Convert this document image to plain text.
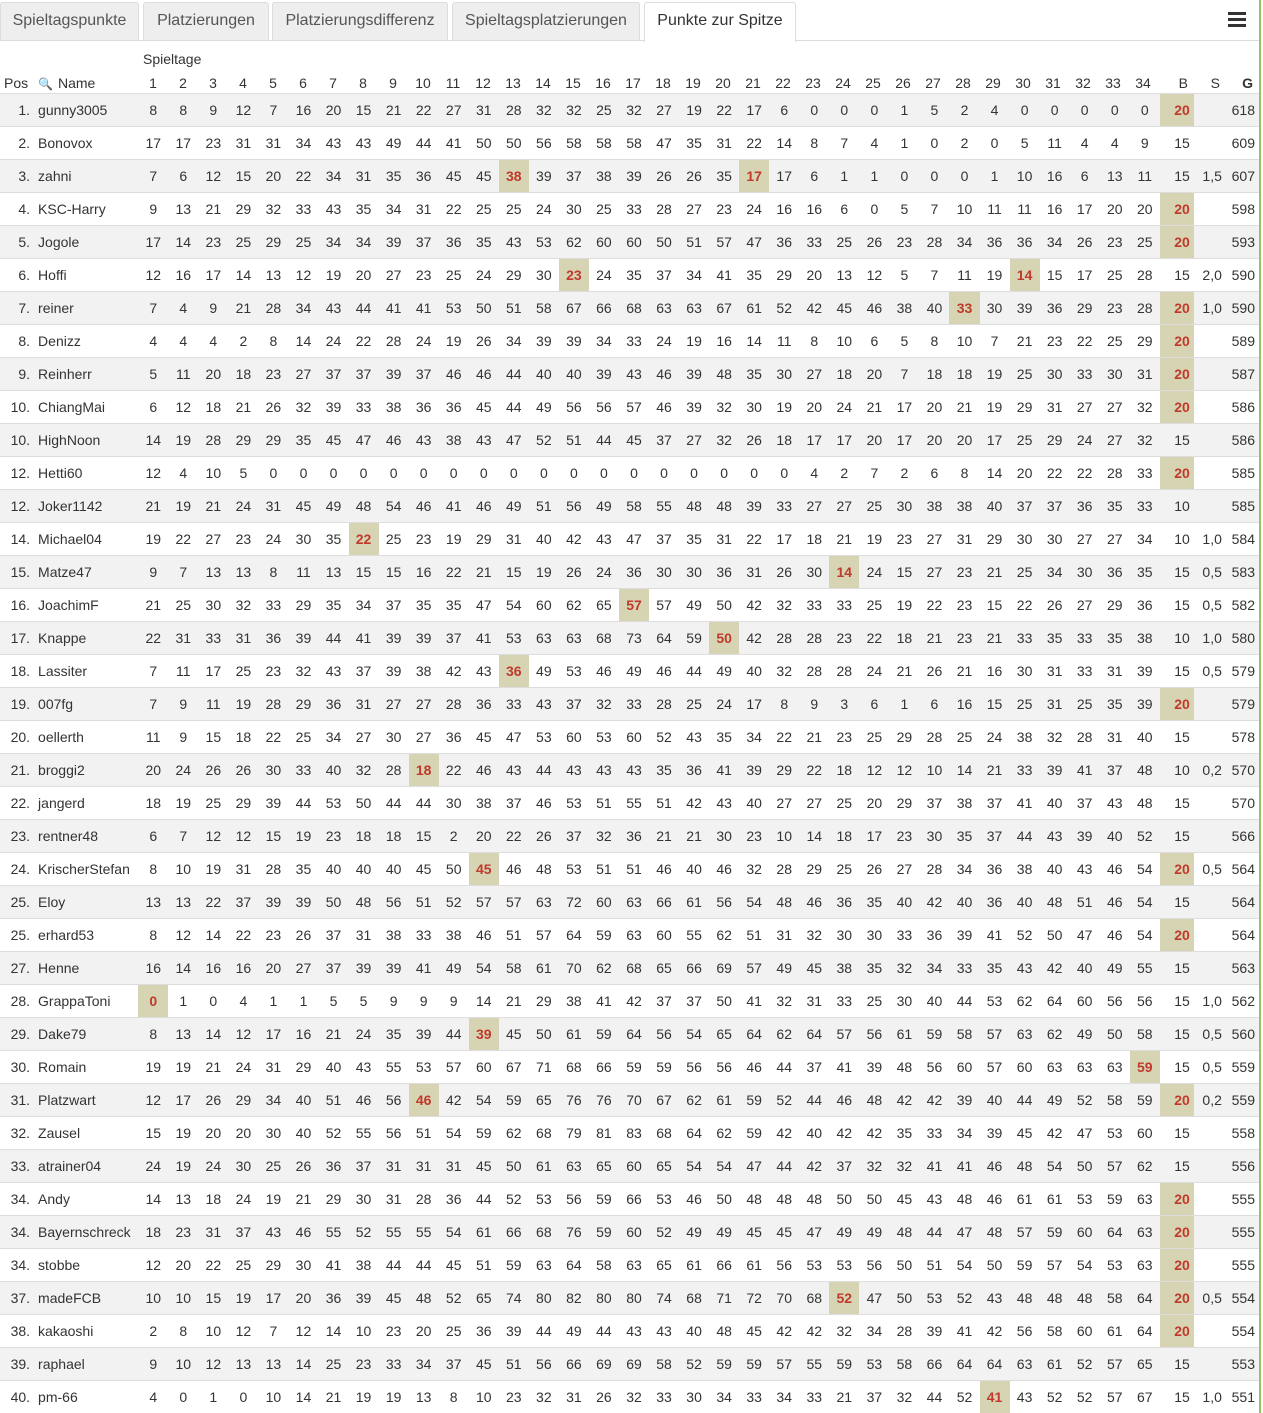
Spieltagspunkte	Platzierungen	Platzierungsdifferenz	Spieltagsplatzierungen	Punkte zur Spitze
Spieltage
Pos 🔍 Name	1	2	3	4	5	6	7	8	9	10	11	12	13	14	15	16	17	18	19	20	21	22	23	24	25	26	27	28	29	30	31	32	33	34	B	S	G
1.	gunny3005	8	8	9	12	7	16	20	15	21	22	27	31	28	32	32	25	32	27	19	22	17	6	0	0	0	1	5	2	4	0	0	0	0	0	20		618
2.	Bonovox	17	17	23	31	31	34	43	43	49	44	41	50	50	56	58	58	58	47	35	31	22	14	8	7	4	1	0	2	0	5	11	4	4	9	15		609
3.	zahni	7	6	12	15	20	22	34	31	35	36	45	45	38	39	37	38	39	26	26	35	17	17	6	1	1	0	0	0	1	10	16	6	13	11	15	1,5	607
4.	KSC-Harry	9	13	21	29	32	33	43	35	34	31	22	25	25	24	30	25	33	28	27	23	24	16	16	6	0	5	7	10	11	11	16	17	20	20	20		598
5.	Jogole	17	14	23	25	29	25	34	34	39	37	36	35	43	53	62	60	60	50	51	57	47	36	33	25	26	23	28	34	36	36	34	26	23	25	20		593
6.	Hoffi	12	16	17	14	13	12	19	20	27	23	25	24	29	30	23	24	35	37	34	41	35	29	20	13	12	5	7	11	19	14	15	17	25	28	15	2,0	590
7.	reiner	7	4	9	21	28	34	43	44	41	41	53	50	51	58	67	66	68	63	63	67	61	52	42	45	46	38	40	33	30	39	36	29	23	28	20	1,0	590
8.	Denizz	4	4	4	2	8	14	24	22	28	24	19	26	34	39	39	34	33	24	19	16	14	11	8	10	6	5	8	10	7	21	23	22	25	29	20		589
9.	Reinherr	5	11	20	18	23	27	37	37	39	37	46	46	44	40	40	39	43	46	39	48	35	30	27	18	20	7	18	18	19	25	30	33	30	31	20		587
10.	ChiangMai	6	12	18	21	26	32	39	33	38	36	36	45	44	49	56	56	57	46	39	32	30	19	20	24	21	17	20	21	19	29	31	27	27	32	20		586
10.	HighNoon	14	19	28	29	29	35	45	47	46	43	38	43	47	52	51	44	45	37	27	32	26	18	17	17	20	17	20	20	17	25	29	24	27	32	15		586
12.	Hetti60	12	4	10	5	0	0	0	0	0	0	0	0	0	0	0	0	0	0	0	0	0	0	4	2	7	2	6	8	14	20	22	22	28	33	20		585
12.	Joker1142	21	19	21	24	31	45	49	48	54	46	41	46	49	51	56	49	58	55	48	48	39	33	27	27	25	30	38	38	40	37	37	36	35	33	10		585
14.	Michael04	19	22	27	23	24	30	35	22	25	23	19	29	31	40	42	43	47	37	35	31	22	17	18	21	19	23	27	31	29	30	30	27	27	34	10	1,0	584
15.	Matze47	9	7	13	13	8	11	13	15	15	16	22	21	15	19	26	24	36	30	30	36	31	26	30	14	24	15	27	23	21	25	34	30	36	35	15	0,5	583
16.	JoachimF	21	25	30	32	33	29	35	34	37	35	35	47	54	60	62	65	57	57	49	50	42	32	33	33	25	19	22	23	15	22	26	27	29	36	15	0,5	582
17.	Knappe	22	31	33	31	36	39	44	41	39	39	37	41	53	63	63	68	73	64	59	50	42	28	28	23	22	18	21	23	21	33	35	33	35	38	10	1,0	580
18.	Lassiter	7	11	17	25	23	32	43	37	39	38	42	43	36	49	53	46	49	46	44	49	40	32	28	28	24	21	26	21	16	30	31	33	31	39	15	0,5	579
19.	007fg	7	9	11	19	28	29	36	31	27	27	28	36	33	43	37	32	33	28	25	24	17	8	9	3	6	1	6	16	15	25	31	25	35	39	20		579
20.	oellerth	11	9	15	18	22	25	34	27	30	27	36	45	47	53	60	53	60	52	43	35	34	22	21	23	25	29	28	25	24	38	32	28	31	40	15		578
21.	broggi2	20	24	26	26	30	33	40	32	28	18	22	46	43	44	43	43	43	35	36	41	39	29	22	18	12	12	10	14	21	33	39	41	37	48	10	0,2	570
22.	jangerd	18	19	25	29	39	44	53	50	44	44	30	38	37	46	53	51	55	51	42	43	40	27	27	25	20	29	37	38	37	41	40	37	43	48	15		570
23.	rentner48	6	7	12	12	15	19	23	18	18	15	2	20	22	26	37	32	36	21	21	30	23	10	14	18	17	23	30	35	37	44	43	39	40	52	15		566
24.	KrischerStefan	8	10	19	31	28	35	40	40	40	45	50	45	46	48	53	51	51	46	40	46	32	28	29	25	26	27	28	34	36	38	40	43	46	54	20	0,5	564
25.	Eloy	13	13	22	37	39	39	50	48	56	51	52	57	57	63	72	60	63	66	61	56	54	48	46	36	35	40	42	40	36	40	48	51	46	54	15		564
25.	erhard53	8	12	14	22	23	26	37	31	38	33	38	46	51	57	64	59	63	60	55	62	51	31	32	30	30	33	36	39	41	52	50	47	46	54	20		564
27.	Henne	16	14	16	16	20	27	37	39	39	41	49	54	58	61	70	62	68	65	66	69	57	49	45	38	35	32	34	33	35	43	42	40	49	55	15		563
28.	GrappaToni	0	1	0	4	1	1	5	5	9	9	9	14	21	29	38	41	42	37	37	50	41	32	31	33	25	30	40	44	53	62	64	60	56	56	15	1,0	562
29.	Dake79	8	13	14	12	17	16	21	24	35	39	44	39	45	50	61	59	64	56	54	65	64	62	64	57	56	61	59	58	57	63	62	49	50	58	15	0,5	560
30.	Romain	19	19	21	24	31	29	40	43	55	53	57	60	67	71	68	66	59	59	56	56	46	44	37	41	39	48	56	60	57	60	63	63	63	59	15	0,5	559
31.	Platzwart	12	17	26	29	34	40	51	46	56	46	42	54	59	65	76	76	70	67	62	61	59	52	44	46	48	42	42	39	40	44	49	52	58	59	20	0,2	559
32.	Zausel	15	19	20	20	30	40	52	55	56	51	54	59	62	68	79	81	83	68	64	62	59	42	40	42	42	35	33	34	39	45	42	47	53	60	15		558
33.	atrainer04	24	19	24	30	25	26	36	37	31	31	31	45	50	61	63	65	60	65	54	54	47	44	42	37	32	32	41	41	46	48	54	50	57	62	15		556
34.	Andy	14	13	18	24	19	21	29	30	31	28	36	44	52	53	56	59	66	53	46	50	48	48	48	50	50	45	43	48	46	61	61	53	59	63	20		555
34.	Bayernschreck	18	23	31	37	43	46	55	52	55	55	54	61	66	68	76	59	60	52	49	49	45	45	47	49	49	48	44	47	48	57	59	60	64	63	20		555
34.	stobbe	12	20	22	25	29	30	41	38	44	44	45	51	59	63	64	58	63	65	61	66	61	56	53	53	56	50	51	54	50	59	57	54	53	63	20		555
37.	madeFCB	10	10	15	19	17	20	36	39	45	48	52	65	74	80	82	80	80	74	68	71	72	70	68	52	47	50	53	52	43	48	48	48	58	64	20	0,5	554
38.	kakaoshi	2	8	10	12	7	12	14	10	23	20	25	36	39	44	49	44	43	43	40	48	45	42	42	32	34	28	39	41	42	56	58	60	61	64	20		554
39.	raphael	9	10	12	13	13	14	25	23	33	34	37	45	51	56	66	69	69	58	52	59	59	57	55	59	53	58	66	64	64	63	61	52	57	65	15		553
40.	pm-66	4	0	1	0	10	14	21	19	19	13	8	10	23	32	31	26	32	33	30	34	33	34	33	21	37	32	44	52	41	43	52	52	57	67	15	1,0	551
